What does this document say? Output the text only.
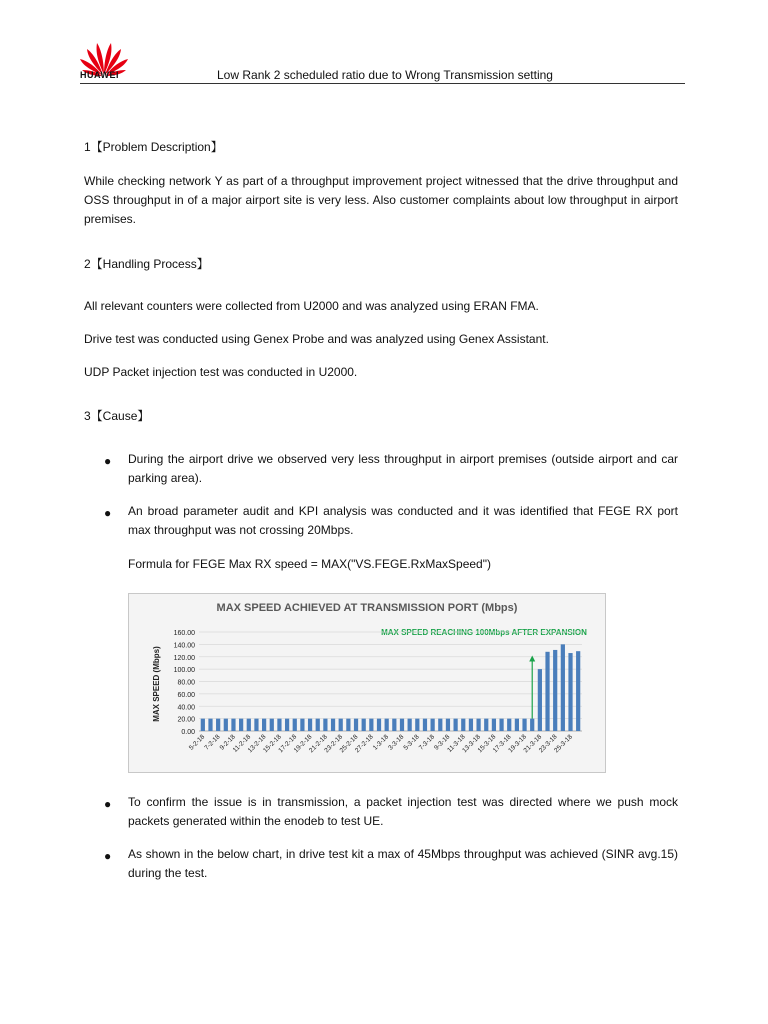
HUAWEI	Low Rank 2 scheduled ratio due to Wrong Transmission setting

1【Problem Description】

While checking network Y as part of a throughput improvement project witnessed that the drive throughput and OSS throughput in of a major airport site is very less. Also customer complaints about low throughput in airport premises.

2【Handling Process】

All relevant counters were collected from U2000 and was analyzed using ERAN FMA.

Drive test was conducted using Genex Probe and was analyzed using Genex Assistant.

UDP Packet injection test was conducted in U2000.

3【Cause】

● During the airport drive we observed very less throughput in airport premises (outside airport and car parking area).

● An broad parameter audit and KPI analysis was conducted and it was identified that FEGE RX port max throughput was not crossing 20Mbps.

Formula for FEGE Max RX speed = MAX("VS.FEGE.RxMaxSpeed")

● To confirm the issue is in transmission, a packet injection test was directed where we push mock packets generated within the enodeb to test UE.

● As shown in the below chart, in drive test kit a max of 45Mbps throughput was achieved (SINR avg.15) during the test.

MAX SPEED ACHIEVED AT TRANSMISSION PORT (Mbps)
MAX SPEED REACHING 100Mbps AFTER EXPANSION
MAX SPEED (Mbps)
0.00
20.00
40.00
60.00
80.00
100.00
120.00
140.00
160.00
5-2-18
7-2-18
9-2-18
11-2-18
13-2-18
15-2-18
17-2-18
19-2-18
21-2-18
23-2-18
25-2-18
27-2-18
1-3-18
3-3-18
5-3-18
7-3-18
9-3-18
11-3-18
13-3-18
15-3-18
17-3-18
19-3-18
21-3-18
23-3-18
25-3-18
